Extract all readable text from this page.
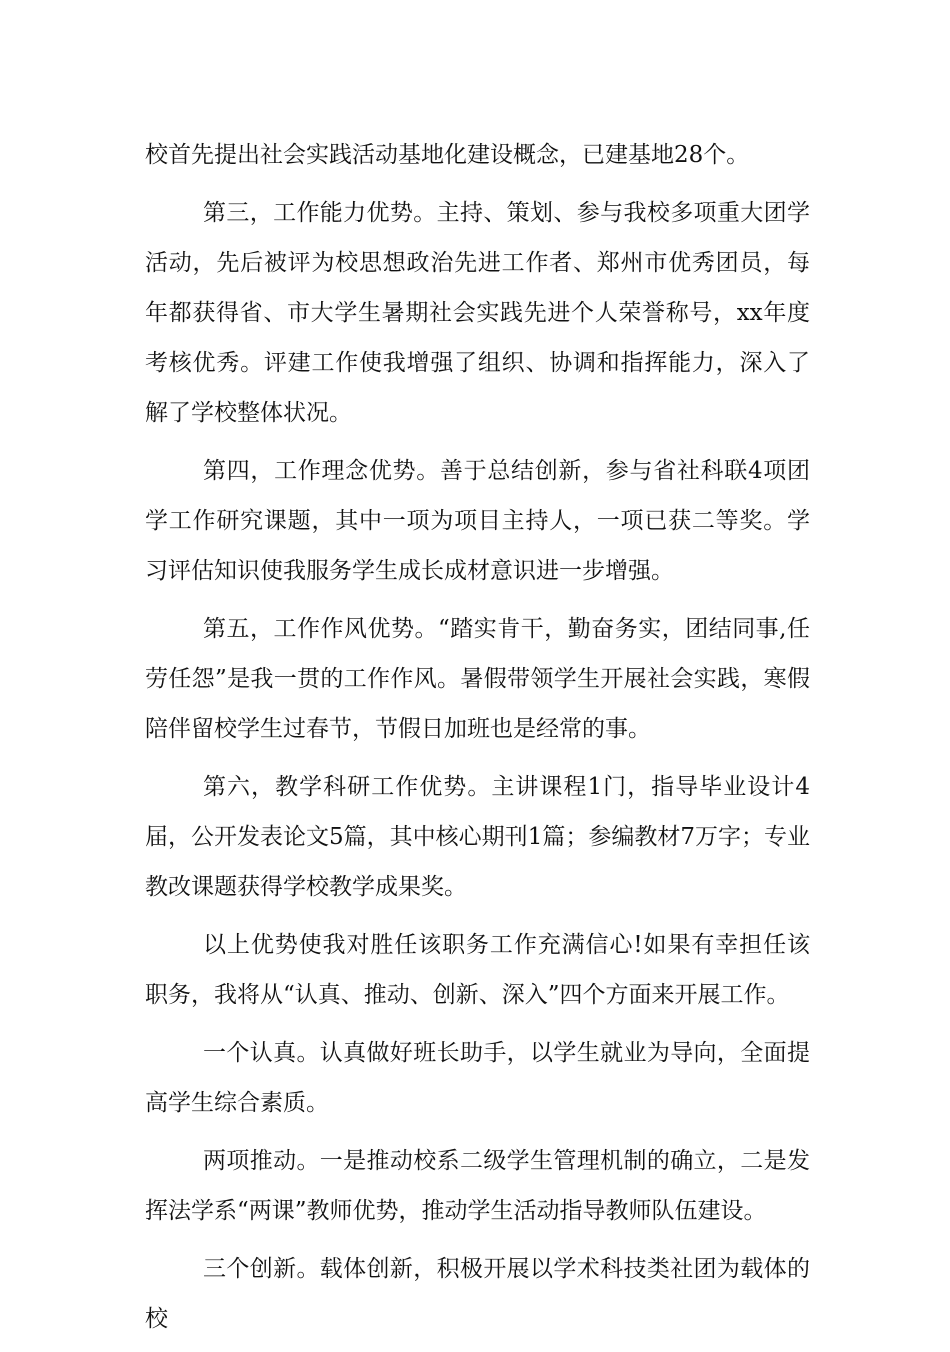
校首先提出社会实践活动基地化建设概念，已建基地28个。

第三，工作能力优势。主持、策划、参与我校多项重大团学活动，先后被评为校思想政治先进工作者、郑州市优秀团员，每年都获得省、市大学生暑期社会实践先进个人荣誉称号，xx年度考核优秀。评建工作使我增强了组织、协调和指挥能力，深入了解了学校整体状况。

第四，工作理念优势。善于总结创新，参与省社科联4项团学工作研究课题，其中一项为项目主持人，一项已获二等奖。学习评估知识使我服务学生成长成材意识进一步增强。

第五，工作作风优势。“踏实肯干，勤奋务实，团结同事,任劳任怨”是我一贯的工作作风。暑假带领学生开展社会实践，寒假陪伴留校学生过春节，节假日加班也是经常的事。

第六，教学科研工作优势。主讲课程1门，指导毕业设计4届，公开发表论文5篇，其中核心期刊1篇；参编教材7万字；专业教改课题获得学校教学成果奖。

以上优势使我对胜任该职务工作充满信心!如果有幸担任该职务，我将从“认真、推动、创新、深入”四个方面来开展工作。

一个认真。认真做好班长助手，以学生就业为导向，全面提高学生综合素质。

两项推动。一是推动校系二级学生管理机制的确立，二是发挥法学系“两课”教师优势，推动学生活动指导教师队伍建设。

三个创新。载体创新，积极开展以学术科技类社团为载体的校
